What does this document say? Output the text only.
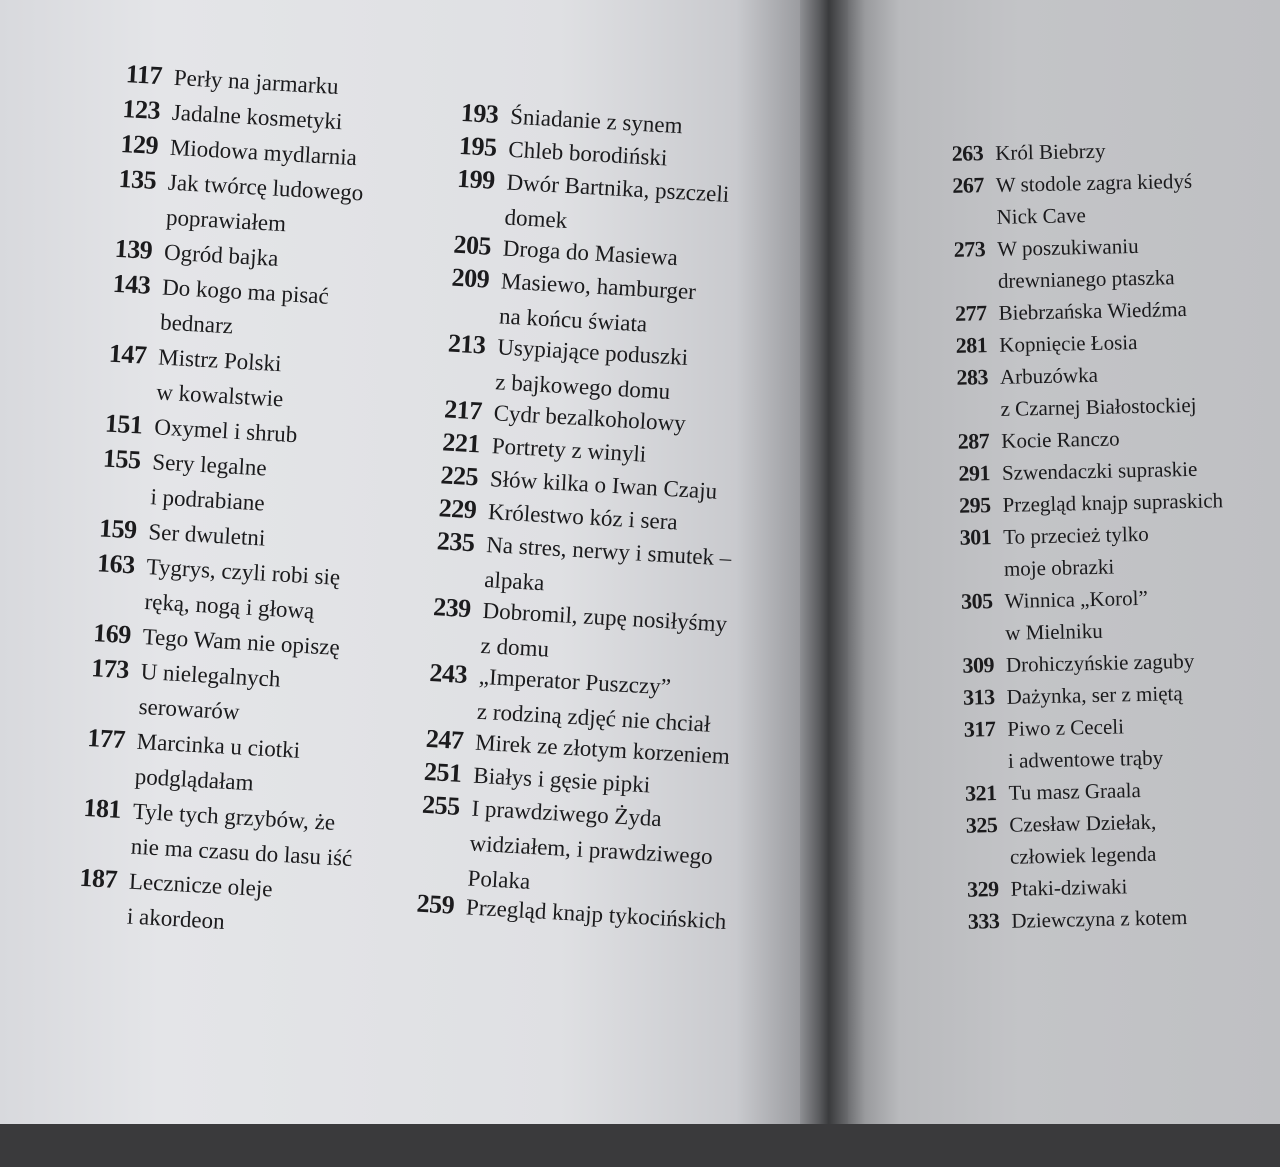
117 Perły na jarmarku
123 Jadalne kosmetyki
129 Miodowa mydlarnia
135 Jak twórcę ludowego
poprawiałem
139 Ogród bajka
143 Do kogo ma pisać
bednarz
147 Mistrz Polski
w kowalstwie
151 Oxymel i shrub
155 Sery legalne
i podrabiane
159 Ser dwuletni
163 Tygrys, czyli robi się
ręką, nogą i głową
169 Tego Wam nie opiszę
173 U nielegalnych
serowarów
177 Marcinka u ciotki
podglądałam
181 Tyle tych grzybów, że
nie ma czasu do lasu iść
187 Lecznicze oleje
i akordeon
193 Śniadanie z synem
195 Chleb borodiński
199 Dwór Bartnika, pszczeli
domek
205 Droga do Masiewa
209 Masiewo, hamburger
na końcu świata
213 Usypiające poduszki
z bajkowego domu
217 Cydr bezalkoholowy
221 Portrety z winyli
225 Słów kilka o Iwan Czaju
229 Królestwo kóz i sera
235 Na stres, nerwy i smutek –
alpaka
239 Dobromil, zupę nosiłyśmy
z domu
243 „Imperator Puszczy”
z rodziną zdjęć nie chciał
247 Mirek ze złotym korzeniem
251 Białys i gęsie pipki
255 I prawdziwego Żyda
widziałem, i prawdziwego
Polaka
259 Przegląd knajp tykocińskich
263 Król Biebrzy
267 W stodole zagra kiedyś
Nick Cave
273 W poszukiwaniu
drewnianego ptaszka
277 Biebrzańska Wiedźma
281 Kopnięcie Łosia
283 Arbuzówka
z Czarnej Białostockiej
287 Kocie Ranczo
291 Szwendaczki supraskie
295 Przegląd knajp supraskich
301 To przecież tylko
moje obrazki
305 Winnica „Korol”
w Mielniku
309 Drohiczyńskie zaguby
313 Dażynka, ser z miętą
317 Piwo z Ceceli
i adwentowe trąby
321 Tu masz Graala
325 Czesław Dziełak,
człowiek legenda
329 Ptaki-dziwaki
333 Dziewczyna z kotem
